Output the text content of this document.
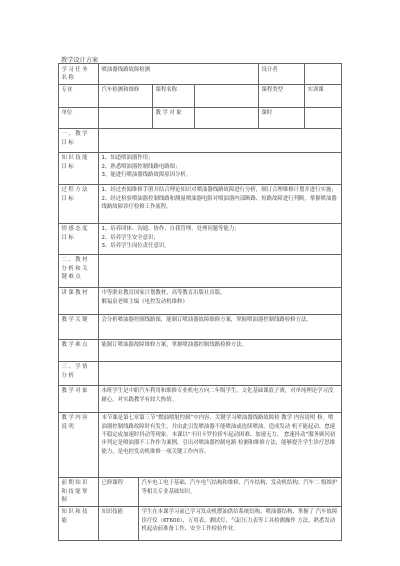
教学设计方案
学习任务名称	喷油器线路故障检测				设计者	
专业	汽车检测和维修		课程名称		课程类型	实训课
单位			教学对象		课时	
一、教学目标						
知识技能目标	1、知道喷油器作用；
2、熟悉喷油器控制线路电路图；
3、能进行喷油器线路故障原因分析。					

过程方法目标	1、经过查阅维修手册并结合理论知识对喷油器线路故障进行分析，制订合理维修计划并进行实施；
2、经过检验喷油器控制线路和测量喷油器电阻对喷油器内部断路、短路故障进行判断，掌握喷油器线路故障诊疗检修工作流程。					

情感态度目标	1、培养团体、沟通、协作、自我管理、处理问题等能力；
2、培养学生安全意识；
3、培养学生岗位责任意识。					

二、教材分析和关键难点						
讲课教材	中等职业教育国家计划教材，高等教育出版社出版，
解福泉老师主编《电控发动机维修》					

教学关键	会分析喷油器控制线路图，能制订喷油器故障维修方案，掌握喷油器控制线路检修方法。					
教学难点	能制订喷油器故障维修方案，掌握喷油器控制线路检修方法。					
三、学情分析						
教学对象	本班学生是中职汽车利用和维修专业机电方向二年级学生，文化基础课底子薄，对单纯理论学习没耐心，对实践教学有较大热情。					
教学内容说明	本节课是第七章第三节“燃油喷射控制”中内容，关键学习喷油器线路故障检 教学 内容说明 修。喷油器控制线路故障时有发生，并由此引发喷油器不能喷油或连续喷油，造成发动 机不能起动、怠速不稳定或加速时抖动等现象。本课以“丰田卡罗拉轿车起动困难、加速无力、 怠速抖动”服务顾问初步判定是喷油器不工作作为案例，引出对喷油器控制电路 检测和维修方法，能够提升学生诊疗思维能力，是电控发动机维修一项关键工作内容。					
前期知识和技能掌握	已修课程	汽车电工电子基础、汽车电气结构和维修、汽车结构、发动机结构、汽车二 级维护等相关专业基础知识。				
知识和技能	知识技能	学生在本课学习前已学习发动机燃油供给系统结构、喷油器结构、掌握了 汽车故障诊疗仪（KT600）、万用表、测试灯、气缸压力表等工具检测操作 方法，熟悉发动机起动前准备工作、安全工作检验作业。				
